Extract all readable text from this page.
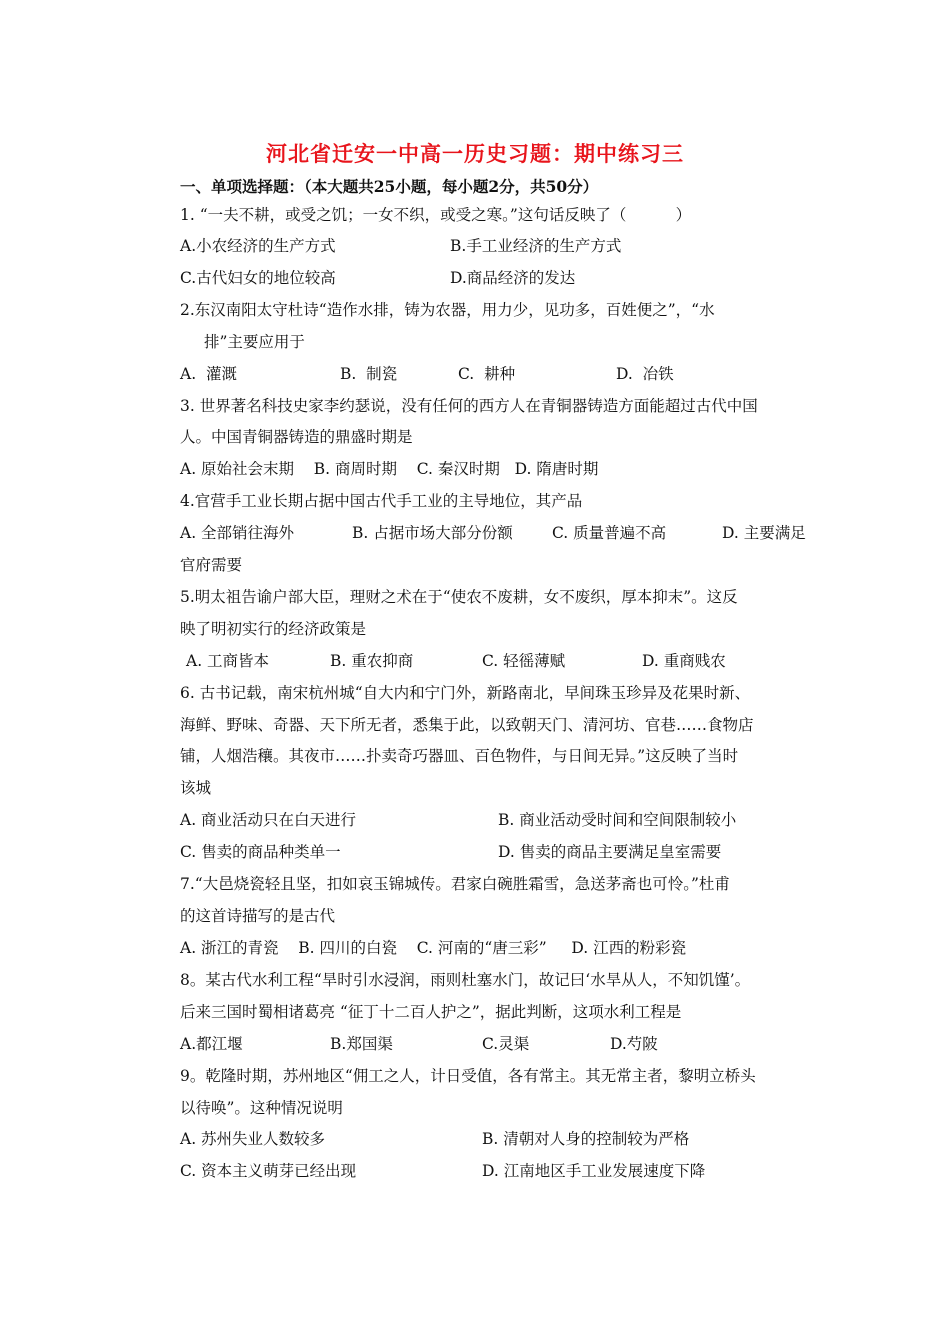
河北省迁安一中高一历史习题：期中练习三
一、单项选择题：（本大题共25小题，每小题2分，共50分）
1. “一夫不耕，或受之饥；一女不织，或受之寒。”这句话反映了（          ）
A.小农经济的生产方式	B.手工业经济的生产方式
C.古代妇女的地位较高	D.商品经济的发达
2.东汉南阳太守杜诗“造作水排，铸为农器，用力少，见功多，百姓便之”，“水
排”主要应用于
A.  灌溉	B.  制瓷	C.  耕种	D.  冶铁
3. 世界著名科技史家李约瑟说，没有任何的西方人在青铜器铸造方面能超过古代中国
人。中国青铜器铸造的鼎盛时期是
A. 原始社会末期    B. 商周时期    C. 秦汉时期   D. 隋唐时期
4.官营手工业长期占据中国古代手工业的主导地位，其产品
A. 全部销往海外	B. 占据市场大部分份额	C. 质量普遍不高	D. 主要满足
官府需要
5.明太祖告谕户部大臣，理财之术在于“使农不废耕，女不废织，厚本抑末”。这反
映了明初实行的经济政策是
A. 工商皆本	B. 重农抑商	C. 轻徭薄赋	D. 重商贱农
6. 古书记载，南宋杭州城“自大内和宁门外，新路南北，早间珠玉珍异及花果时新、
海鲜、野味、奇器、天下所无者，悉集于此，以致朝天门、清河坊、官巷……食物店
铺，人烟浩穰。其夜市……扑卖奇巧器皿、百色物件，与日间无异。”这反映了当时
该城
A. 商业活动只在白天进行	B. 商业活动受时间和空间限制较小
C. 售卖的商品种类单一	D. 售卖的商品主要满足皇室需要
7.“大邑烧瓷轻且坚，扣如哀玉锦城传。君家白碗胜霜雪，急送茅斋也可怜。”杜甫
的这首诗描写的是古代
A. 浙江的青瓷    B. 四川的白瓷    C. 河南的“唐三彩”     D. 江西的粉彩瓷
8。某古代水利工程“旱时引水浸润，雨则杜塞水门，故记曰‘水旱从人，不知饥馑’。
后来三国时蜀相诸葛亮 “征丁十二百人护之”，据此判断，这项水利工程是
A.都江堰	B.郑国渠	C.灵渠	D.芍陂
9。乾隆时期，苏州地区“佣工之人，计日受值，各有常主。其无常主者，黎明立桥头
以待唤”。这种情况说明
A. 苏州失业人数较多	B. 清朝对人身的控制较为严格
C. 资本主义萌芽已经出现	D. 江南地区手工业发展速度下降
